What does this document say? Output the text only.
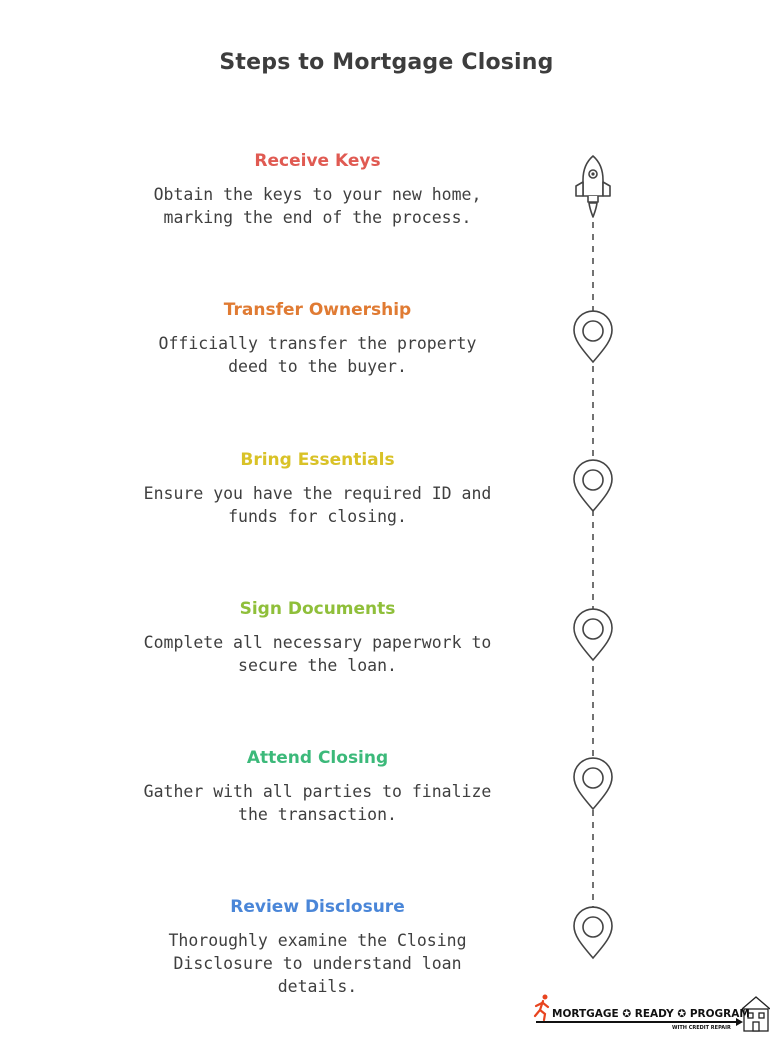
Steps to Mortgage Closing
Receive Keys
Obtain the keys to your new home, marking the end of the process.
Transfer Ownership
Officially transfer the property deed to the buyer.
Bring Essentials
Ensure you have the required ID and funds for closing.
Sign Documents
Complete all necessary paperwork to secure the loan.
Attend Closing
Gather with all parties to finalize the transaction.
Review Disclosure
Thoroughly examine the Closing Disclosure to understand loan details.
MORTGAGE ✪ READY ✪ PROGRAM
WITH CREDIT REPAIR
